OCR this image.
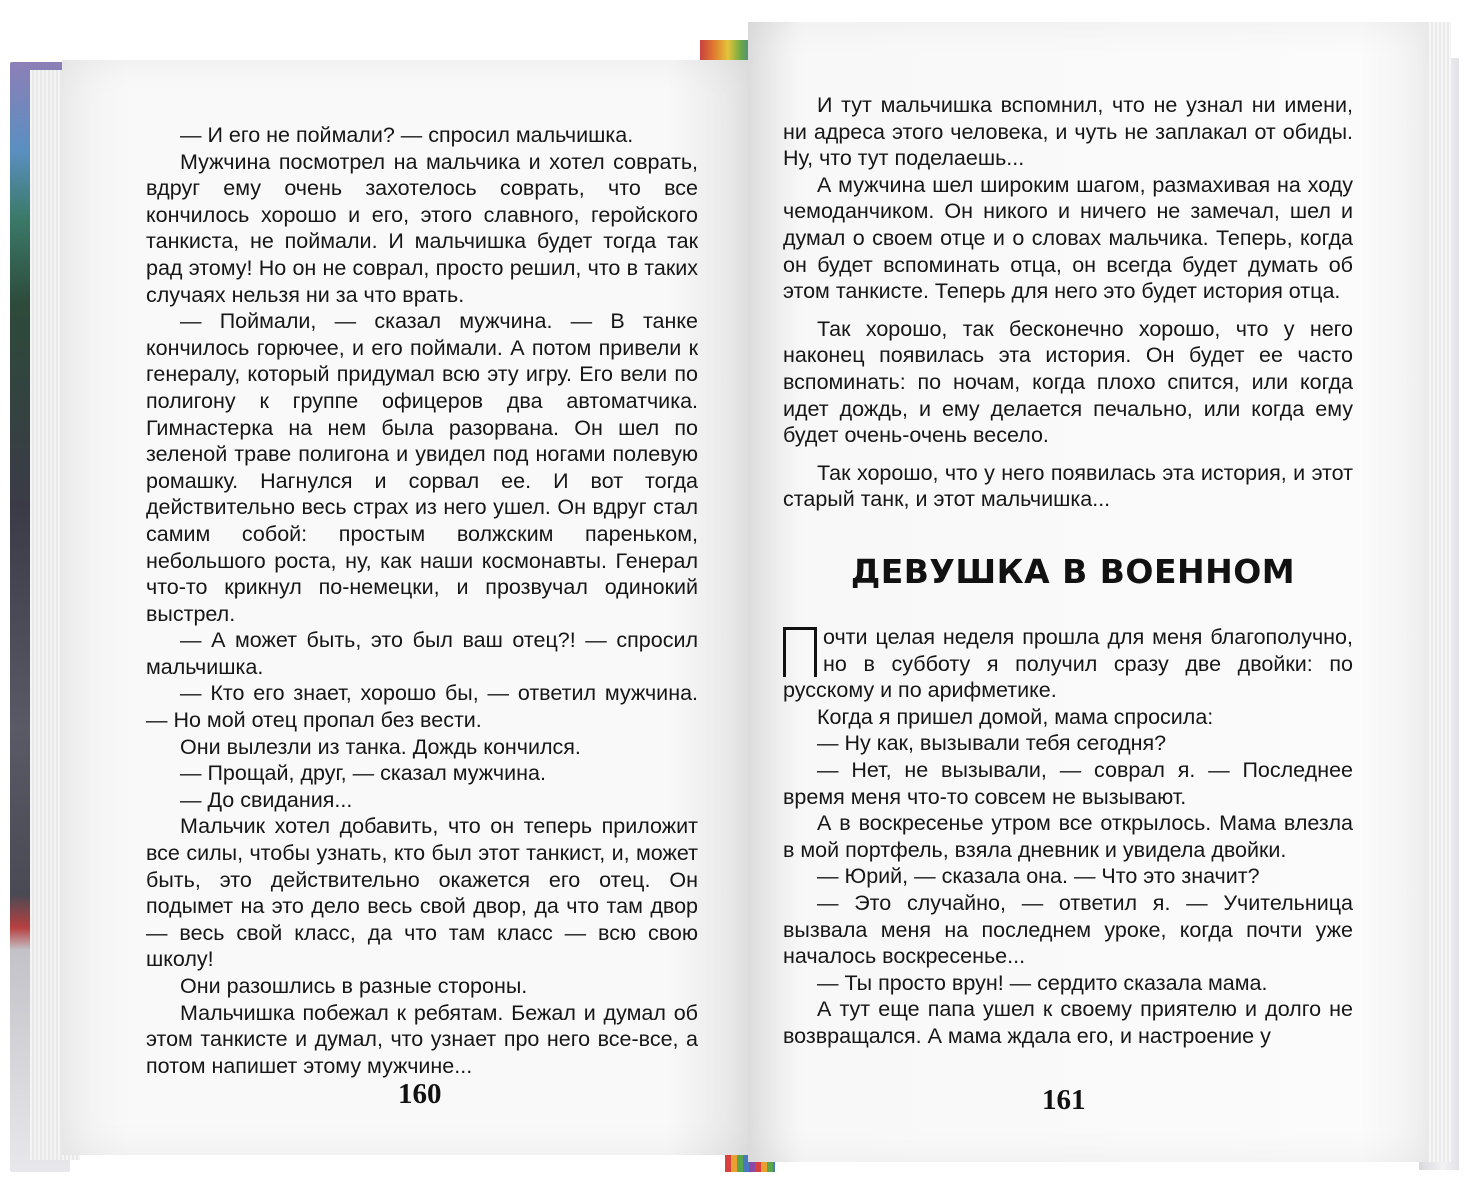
— И его не поймали? — спросил мальчишка.

Мужчина посмотрел на мальчика и хотел соврать, вдруг ему очень захотелось соврать, что все кончилось хорошо и его, этого славного, геройского танкиста, не поймали. И мальчишка будет тогда так рад этому! Но он не соврал, просто решил, что в таких случаях нельзя ни за что врать.

— Поймали, — сказал мужчина. — В танке кончилось горючее, и его поймали. А потом привели к генералу, который придумал всю эту игру. Его вели по полигону к группе офицеров два автоматчика. Гимнастерка на нем была разорвана. Он шел по зеленой траве полигона и увидел под ногами полевую ромашку. Нагнулся и сорвал ее. И вот тогда действительно весь страх из него ушел. Он вдруг стал самим собой: простым волжским пареньком, небольшого роста, ну, как наши космонавты. Генерал что-то крикнул по-немецки, и прозвучал одинокий выстрел.

— А может быть, это был ваш отец?! — спросил мальчишка.

— Кто его знает, хорошо бы, — ответил мужчина. — Но мой отец пропал без вести.

Они вылезли из танка. Дождь кончился.

— Прощай, друг, — сказал мужчина.

— До свидания...

Мальчик хотел добавить, что он теперь приложит все силы, чтобы узнать, кто был этот танкист, и, может быть, это действительно окажется его отец. Он подымет на это дело весь свой двор, да что там двор — весь свой класс, да что там класс — всю свою школу!

Они разошлись в разные стороны.

Мальчишка побежал к ребятам. Бежал и думал об этом танкисте и думал, что узнает про него все-все, а потом напишет этому мужчине...

160

И тут мальчишка вспомнил, что не узнал ни имени, ни адреса этого человека, и чуть не заплакал от обиды. Ну, что тут поделаешь...

А мужчина шел широким шагом, размахивая на ходу чемоданчиком. Он никого и ничего не замечал, шел и думал о своем отце и о словах мальчика. Теперь, когда он будет вспоминать отца, он всегда будет думать об этом танкисте. Теперь для него это будет история отца.

Так хорошо, так бесконечно хорошо, что у него наконец появилась эта история. Он будет ее часто вспоминать: по ночам, когда плохо спится, или когда идет дождь, и ему делается печально, или когда ему будет очень-очень весело.

Так хорошо, что у него появилась эта история, и этот старый танк, и этот мальчишка...

ДЕВУШКА В ВОЕННОМ

очти целая неделя прошла для меня благополучно, но в субботу я получил сразу две двойки: по русскому и по арифметике.

Когда я пришел домой, мама спросила:

— Ну как, вызывали тебя сегодня?

— Нет, не вызывали, — соврал я. — Последнее время меня что-то совсем не вызывают.

А в воскресенье утром все открылось. Мама влезла в мой портфель, взяла дневник и увидела двойки.

— Юрий, — сказала она. — Что это значит?

— Это случайно, — ответил я. — Учительница вызвала меня на последнем уроке, когда почти уже началось воскресенье...

— Ты просто врун! — сердито сказала мама.

А тут еще папа ушел к своему приятелю и долго не возвращался. А мама ждала его, и настроение у

161
